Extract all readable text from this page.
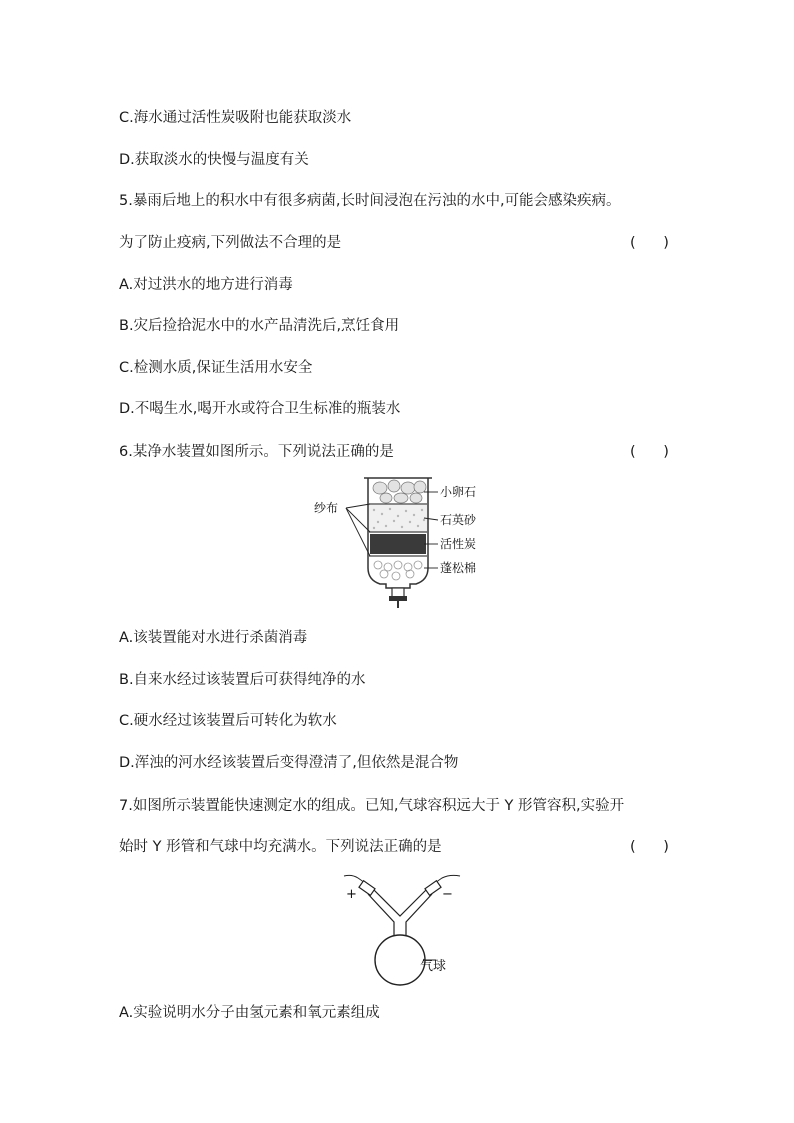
C.海水通过活性炭吸附也能获取淡水
D.获取淡水的快慢与温度有关
5.暴雨后地上的积水中有很多病菌,长时间浸泡在污浊的水中,可能会感染疾病。
为了防止疫病,下列做法不合理的是	(      )
A.对过洪水的地方进行消毒
B.灾后捡拾泥水中的水产品清洗后,烹饪食用
C.检测水质,保证生活用水安全
D.不喝生水,喝开水或符合卫生标准的瓶装水
6.某净水装置如图所示。下列说法正确的是	(      )
纱布
小卵石
石英砂
活性炭
蓬松棉
A.该装置能对水进行杀菌消毒
B.自来水经过该装置后可获得纯净的水
C.硬水经过该装置后可转化为软水
D.浑浊的河水经该装置后变得澄清了,但依然是混合物
7.如图所示装置能快速测定水的组成。已知,气球容积远大于 Y 形管容积,实验开
始时 Y 形管和气球中均充满水。下列说法正确的是	(      )
+	−
气球
A.实验说明水分子由氢元素和氧元素组成
